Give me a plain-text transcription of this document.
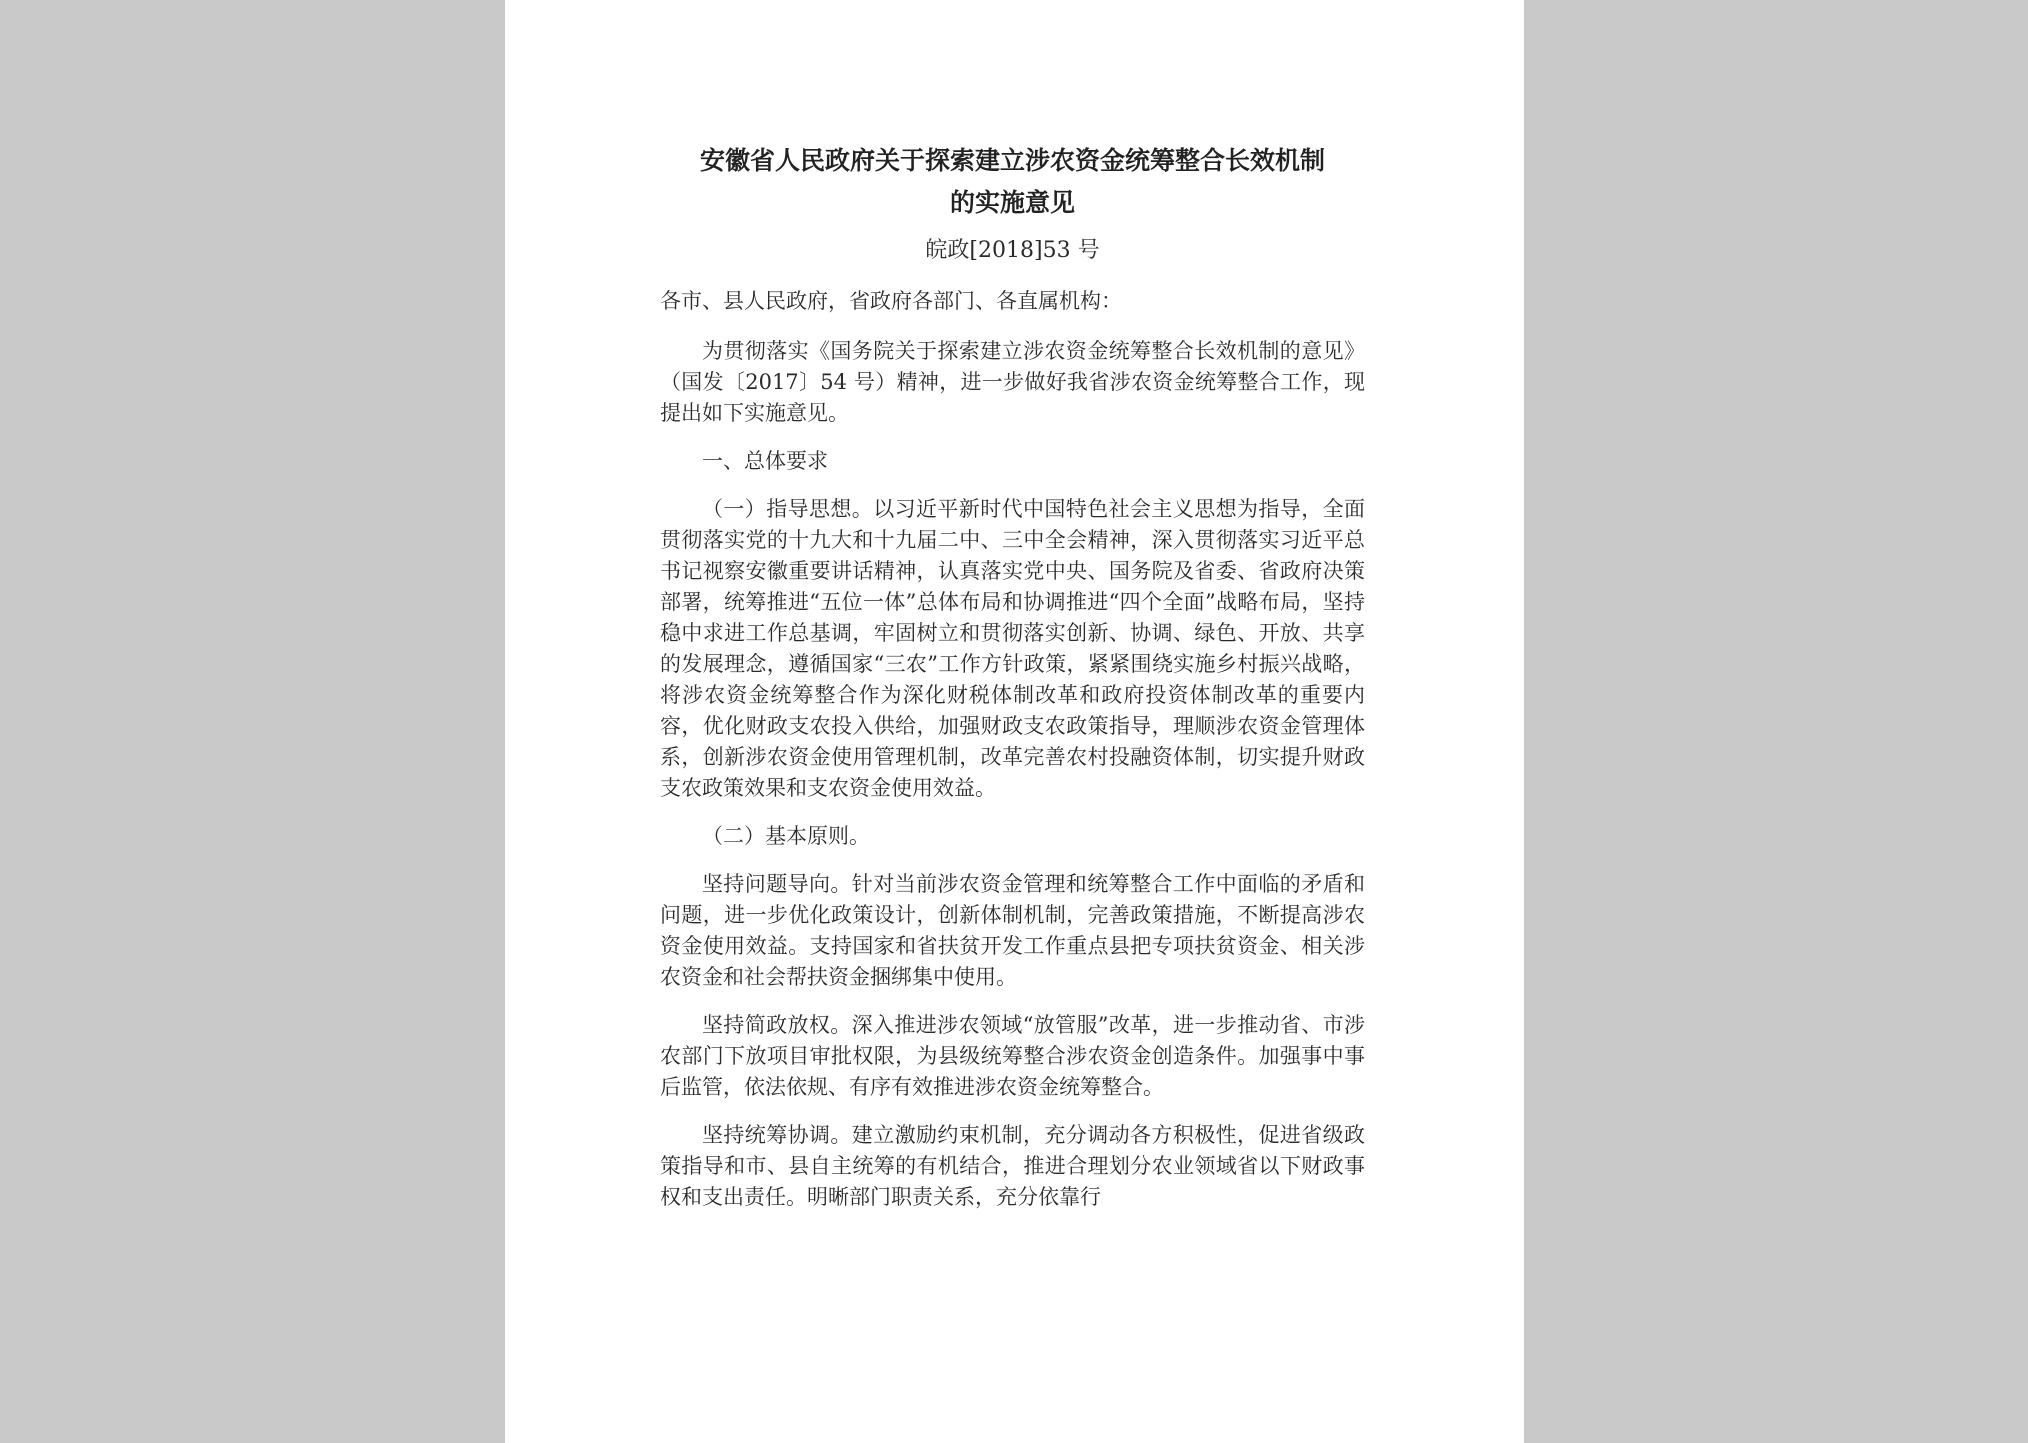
安徽省人民政府关于探索建立涉农资金统筹整合长效机制
的实施意见

皖政[2018]53 号

各市、县人民政府，省政府各部门、各直属机构：

为贯彻落实《国务院关于探索建立涉农资金统筹整合长效机制的意见》（国发〔2017〕54 号）精神，进一步做好我省涉农资金统筹整合工作，现提出如下实施意见。

一、总体要求

（一）指导思想。以习近平新时代中国特色社会主义思想为指导，全面贯彻落实党的十九大和十九届二中、三中全会精神，深入贯彻落实习近平总书记视察安徽重要讲话精神，认真落实党中央、国务院及省委、省政府决策部署，统筹推进“五位一体”总体布局和协调推进“四个全面”战略布局，坚持稳中求进工作总基调，牢固树立和贯彻落实创新、协调、绿色、开放、共享的发展理念，遵循国家“三农”工作方针政策，紧紧围绕实施乡村振兴战略，将涉农资金统筹整合作为深化财税体制改革和政府投资体制改革的重要内容，优化财政支农投入供给，加强财政支农政策指导，理顺涉农资金管理体系，创新涉农资金使用管理机制，改革完善农村投融资体制，切实提升财政支农政策效果和支农资金使用效益。

（二）基本原则。

坚持问题导向。针对当前涉农资金管理和统筹整合工作中面临的矛盾和问题，进一步优化政策设计，创新体制机制，完善政策措施，不断提高涉农资金使用效益。支持国家和省扶贫开发工作重点县把专项扶贫资金、相关涉农资金和社会帮扶资金捆绑集中使用。

坚持简政放权。深入推进涉农领域“放管服”改革，进一步推动省、市涉农部门下放项目审批权限，为县级统筹整合涉农资金创造条件。加强事中事后监管，依法依规、有序有效推进涉农资金统筹整合。

坚持统筹协调。建立激励约束机制，充分调动各方积极性，促进省级政策指导和市、县自主统筹的有机结合，推进合理划分农业领域省以下财政事权和支出责任。明晰部门职责关系，充分依靠行
